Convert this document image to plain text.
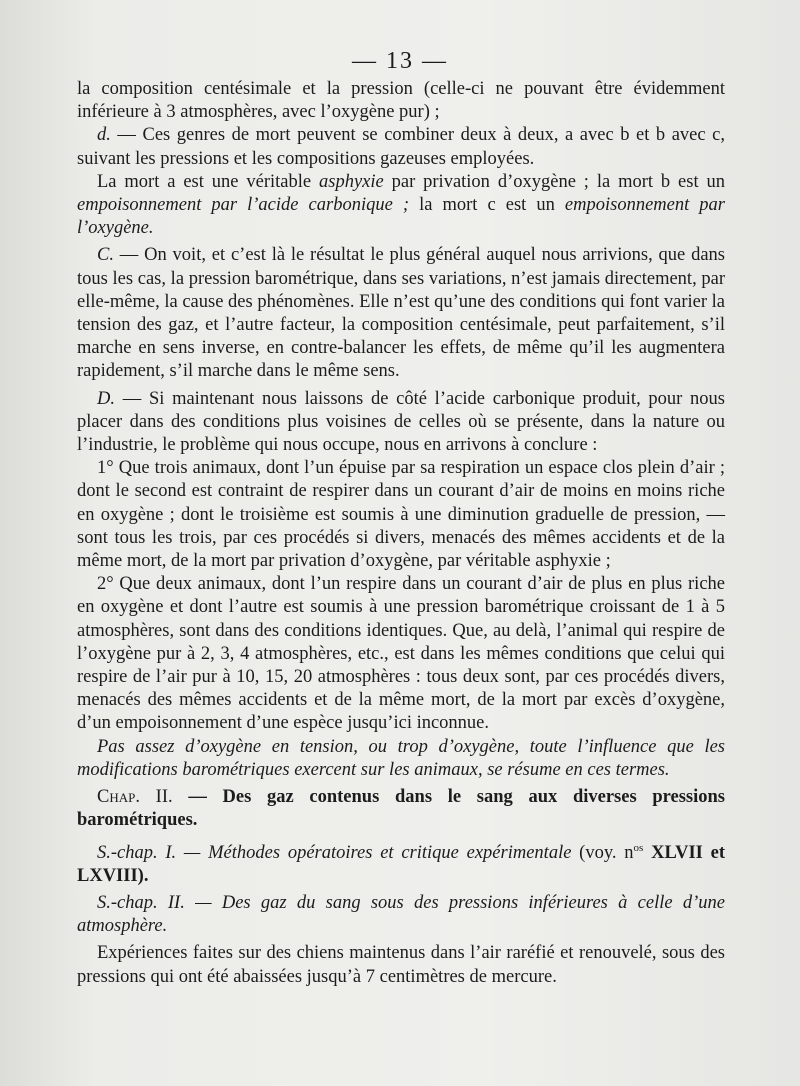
— 13 —

la composition centésimale et la pression (celle-ci ne pouvant être évidemment inférieure à 3 atmosphères, avec l’oxygène pur) ;

d. — Ces genres de mort peuvent se combiner deux à deux, a avec b et b avec c, suivant les pressions et les compositions gazeuses employées.

La mort a est une véritable asphyxie par privation d’oxygène ; la mort b est un empoisonnement par l’acide carbonique ; la mort c est un empoisonnement par l’oxygène.

C. — On voit, et c’est là le résultat le plus général auquel nous arrivions, que dans tous les cas, la pression barométrique, dans ses variations, n’est jamais directement, par elle-même, la cause des phénomènes. Elle n’est qu’une des conditions qui font varier la tension des gaz, et l’autre facteur, la composition centésimale, peut parfaitement, s’il marche en sens inverse, en contre-balancer les effets, de même qu’il les augmentera rapidement, s’il marche dans le même sens.

D. — Si maintenant nous laissons de côté l’acide carbonique produit, pour nous placer dans des conditions plus voisines de celles où se présente, dans la nature ou l’industrie, le problème qui nous occupe, nous en arrivons à conclure :

1° Que trois animaux, dont l’un épuise par sa respiration un espace clos plein d’air ; dont le second est contraint de respirer dans un courant d’air de moins en moins riche en oxygène ; dont le troisième est soumis à une diminution graduelle de pression, — sont tous les trois, par ces procédés si divers, menacés des mêmes accidents et de la même mort, de la mort par privation d’oxygène, par véritable asphyxie ;

2° Que deux animaux, dont l’un respire dans un courant d’air de plus en plus riche en oxygène et dont l’autre est soumis à une pression barométrique croissant de 1 à 5 atmosphères, sont dans des conditions identiques. Que, au delà, l’animal qui respire de l’oxygène pur à 2, 3, 4 atmosphères, etc., est dans les mêmes conditions que celui qui respire de l’air pur à 10, 15, 20 atmosphères : tous deux sont, par ces procédés divers, menacés des mêmes accidents et de la même mort, de la mort par excès d’oxygène, d’un empoisonnement d’une espèce jusqu’ici inconnue.

Pas assez d’oxygène en tension, ou trop d’oxygène, toute l’influence que les modifications barométriques exercent sur les animaux, se résume en ces termes.

Chap. II. — Des gaz contenus dans le sang aux diverses pressions barométriques.

S.-chap. I. — Méthodes opératoires et critique expérimentale (voy. $n^{os}$ XLVII et LXVIII).

S.-chap. II. — Des gaz du sang sous des pressions inférieures à celle d’une atmosphère.

Expériences faites sur des chiens maintenus dans l’air raréfié et renouvelé, sous des pressions qui ont été abaissées jusqu’à 7 centimètres de mercure.
